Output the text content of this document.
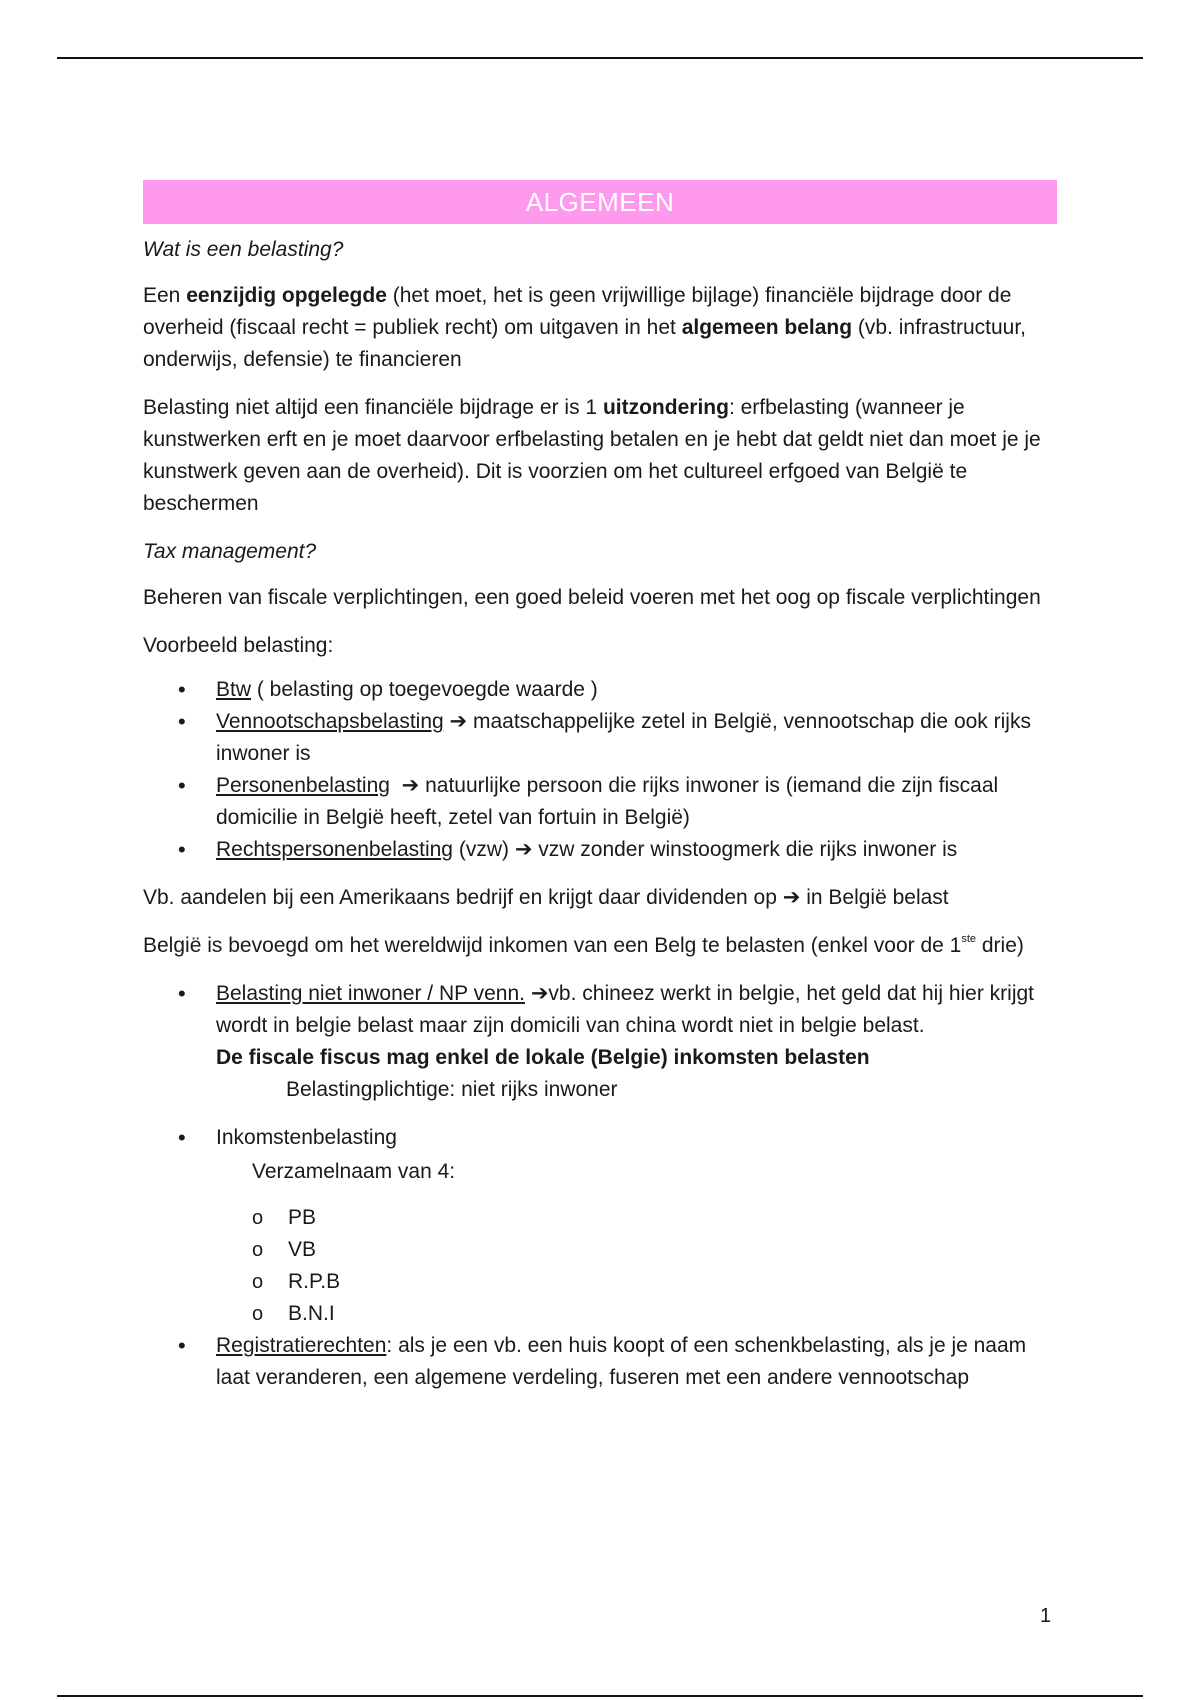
ALGEMEEN

Wat is een belasting?

Een eenzijdig opgelegde (het moet, het is geen vrijwillige bijlage) financiële bijdrage door de overheid (fiscaal recht = publiek recht) om uitgaven in het algemeen belang (vb. infrastructuur, onderwijs, defensie) te financieren

Belasting niet altijd een financiële bijdrage er is 1 uitzondering: erfbelasting (wanneer je kunstwerken erft en je moet daarvoor erfbelasting betalen en je hebt dat geldt niet dan moet je je kunstwerk geven aan de overheid). Dit is voorzien om het cultureel erfgoed van België te beschermen

Tax management?

Beheren van fiscale verplichtingen, een goed beleid voeren met het oog op fiscale verplichtingen

Voorbeeld belasting:

• Btw ( belasting op toegevoegde waarde )
• Vennootschapsbelasting ➔ maatschappelijke zetel in België, vennootschap die ook rijks inwoner is
• Personenbelasting ➔ natuurlijke persoon die rijks inwoner is (iemand die zijn fiscaal domicilie in België heeft, zetel van fortuin in België)
• Rechtspersonenbelasting (vzw) ➔ vzw zonder winstoogmerk die rijks inwoner is

Vb. aandelen bij een Amerikaans bedrijf en krijgt daar dividenden op ➔ in België belast

België is bevoegd om het wereldwijd inkomen van een Belg te belasten (enkel voor de 1ste drie)

• Belasting niet inwoner / NP venn. ➔vb. chineez werkt in belgie, het geld dat hij hier krijgt wordt in belgie belast maar zijn domicili van china wordt niet in belgie belast.
De fiscale fiscus mag enkel de lokale (Belgie) inkomsten belasten
Belastingplichtige: niet rijks inwoner
• Inkomstenbelasting
Verzamelnaam van 4:
o PB
o VB
o R.P.B
o B.N.I
• Registratierechten: als je een vb. een huis koopt of een schenkbelasting, als je je naam laat veranderen, een algemene verdeling, fuseren met een andere vennootschap
1
